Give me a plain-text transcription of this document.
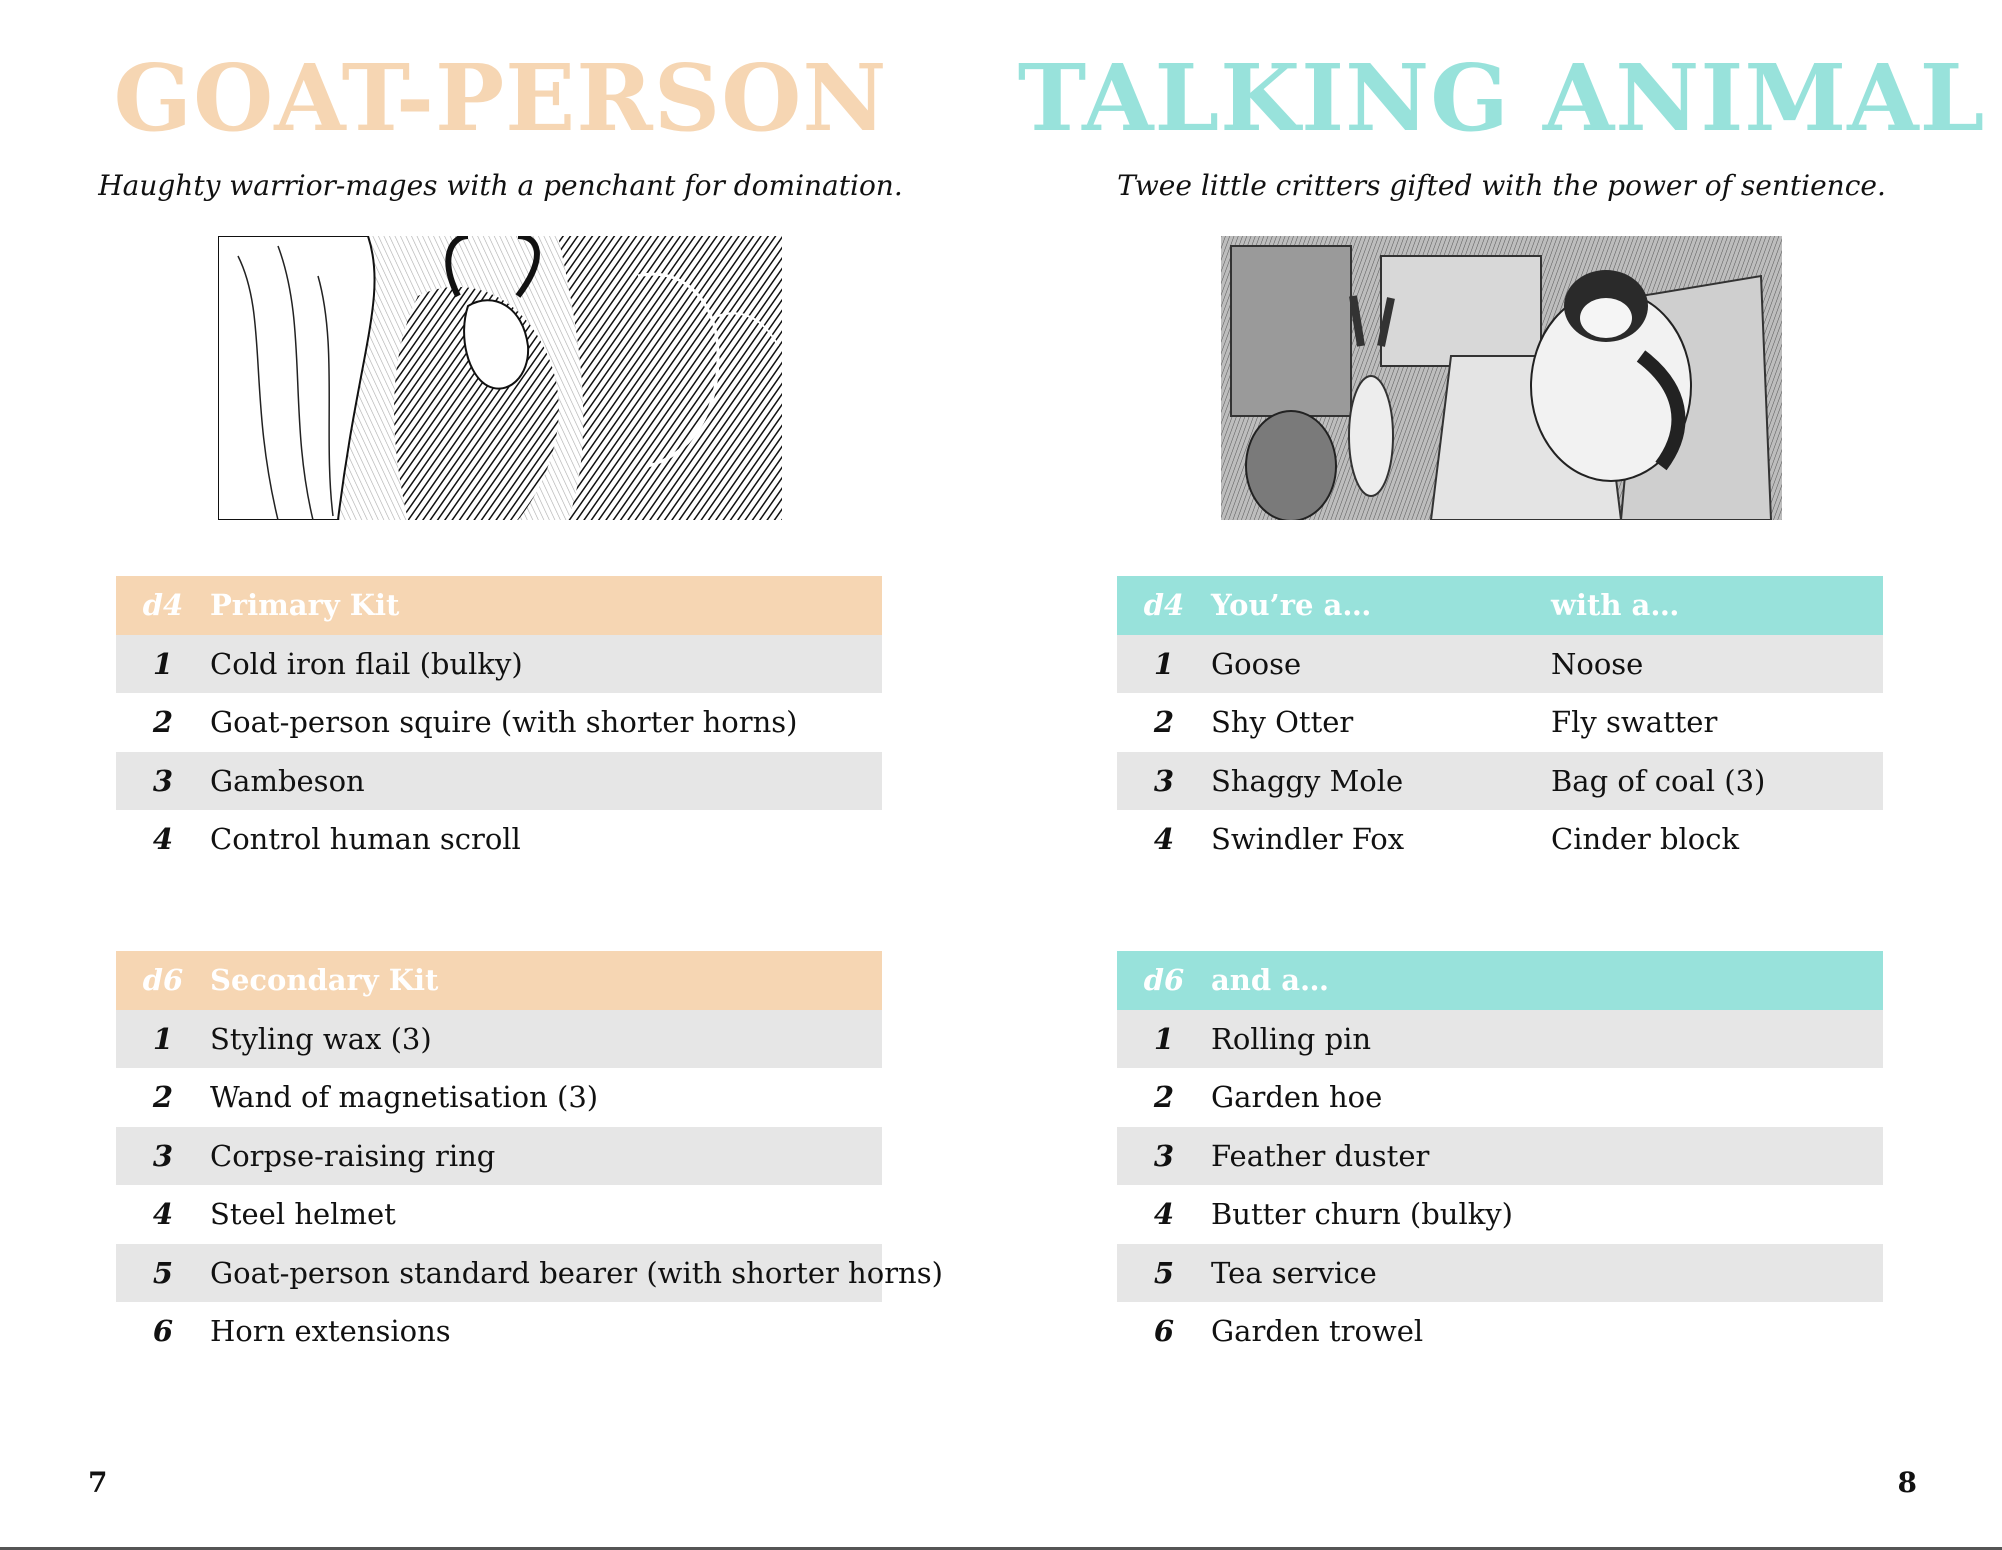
GOAT-PERSON

Haughty warrior-mages with a penchant for domination.

d4 Primary Kit
1	Cold iron flail (bulky)
2	Goat-person squire (with shorter horns)
3	Gambeson
4	Control human scroll
d6 Secondary Kit
1	Styling wax (3)
2	Wand of magnetisation (3)
3	Corpse-raising ring
4	Steel helmet
5	Goat-person standard bearer (with shorter horns)
6	Horn extensions

7

TALKING ANIMAL

Twee little critters gifted with the power of sentience.

d4 You’re a…	with a…
1	Goose	Noose
2	Shy Otter	Fly swatter
3	Shaggy Mole	Bag of coal (3)
4	Swindler Fox	Cinder block
d6 and a…
1	Rolling pin
2	Garden hoe
3	Feather duster
4	Butter churn (bulky)
5	Tea service
6	Garden trowel

8
